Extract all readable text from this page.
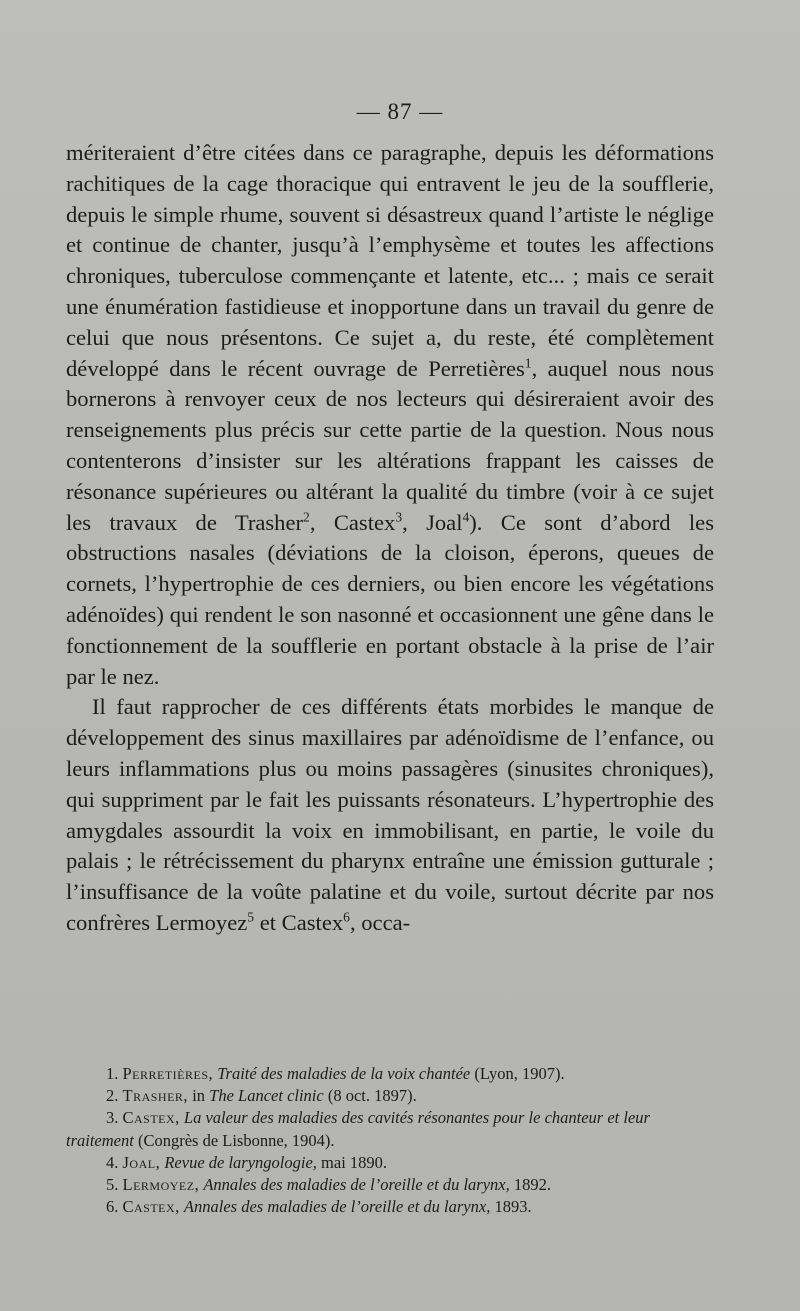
— 87 —

mériteraient d’être citées dans ce paragraphe, depuis les déformations rachitiques de la cage thoracique qui entravent le jeu de la soufflerie, depuis le simple rhume, souvent si désastreux quand l’artiste le néglige et continue de chanter, jusqu’à l’emphysème et toutes les affections chroniques, tuberculose commençante et latente, etc... ; mais ce serait une énumération fastidieuse et inopportune dans un travail du genre de celui que nous présentons. Ce sujet a, du reste, été complètement développé dans le récent ouvrage de Perretières$^1$, auquel nous nous bornerons à renvoyer ceux de nos lecteurs qui désireraient avoir des renseignements plus précis sur cette partie de la question. Nous nous contenterons d’insister sur les altérations frappant les caisses de résonance supérieures ou altérant la qualité du timbre (voir à ce sujet les travaux de Trasher$^2$, Castex$^3$, Joal$^4$). Ce sont d’abord les obstructions nasales (déviations de la cloison, éperons, queues de cornets, l’hypertrophie de ces derniers, ou bien encore les végétations adénoïdes) qui rendent le son nasonné et occasionnent une gêne dans le fonctionnement de la soufflerie en portant obstacle à la prise de l’air par le nez.

Il faut rapprocher de ces différents états morbides le manque de développement des sinus maxillaires par adénoïdisme de l’enfance, ou leurs inflammations plus ou moins passagères (sinusites chroniques), qui suppriment par le fait les puissants résonateurs. L’hypertrophie des amygdales assourdit la voix en immobilisant, en partie, le voile du palais ; le rétrécissement du pharynx entraîne une émission gutturale ; l’insuffisance de la voûte palatine et du voile, surtout décrite par nos confrères Lermoyez$^5$ et Castex$^6$, occa-

1. Perretières, Traité des maladies de la voix chantée (Lyon, 1907).

2. Trasher, in The Lancet clinic (8 oct. 1897).

3. Castex, La valeur des maladies des cavités résonantes pour le chanteur et leur traitement (Congrès de Lisbonne, 1904).

4. Joal, Revue de laryngologie, mai 1890.

5. Lermoyez, Annales des maladies de l’oreille et du larynx, 1892.

6. Castex, Annales des maladies de l’oreille et du larynx, 1893.
